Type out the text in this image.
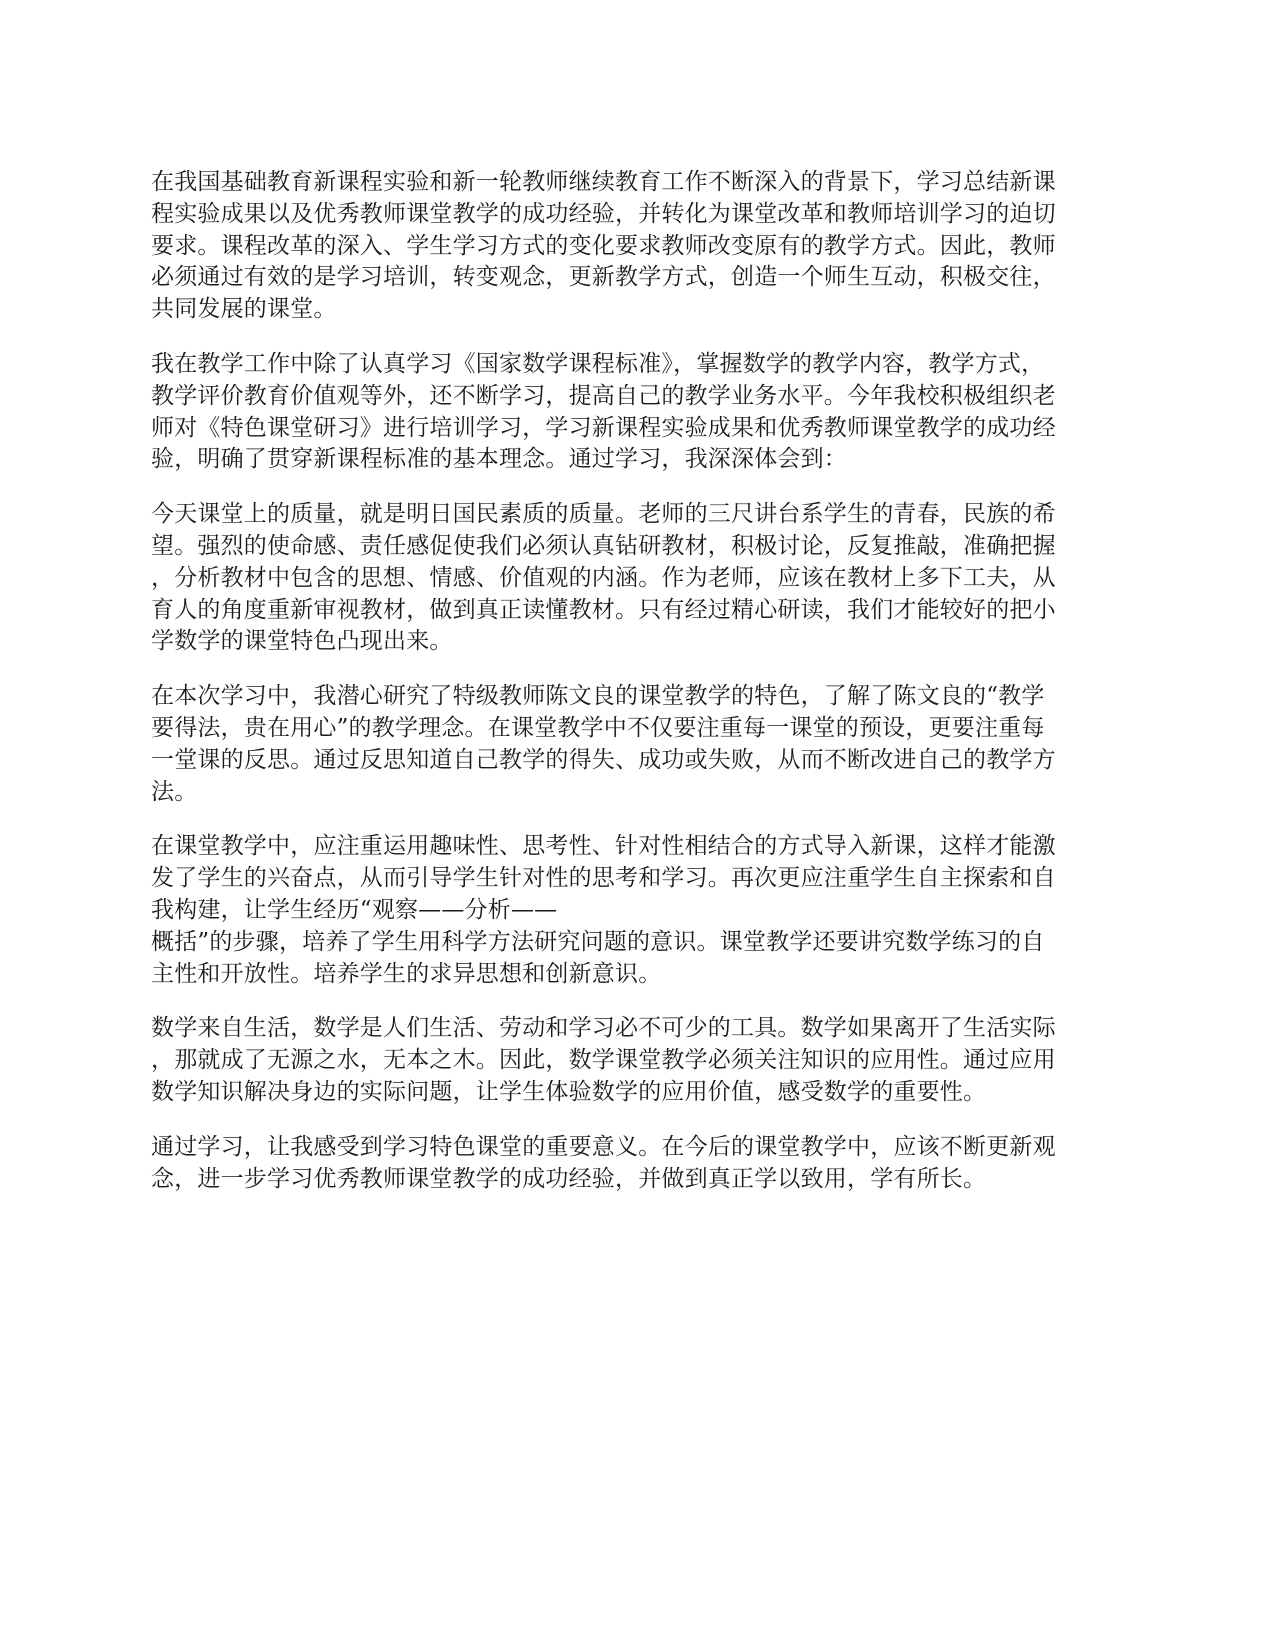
在我国基础教育新课程实验和新一轮教师继续教育工作不断深入的背景下，学习总结新课
程实验成果以及优秀教师课堂教学的成功经验，并转化为课堂改革和教师培训学习的迫切
要求。课程改革的深入、学生学习方式的变化要求教师改变原有的教学方式。因此，教师
必须通过有效的是学习培训，转变观念，更新教学方式，创造一个师生互动，积极交往，
共同发展的课堂。

我在教学工作中除了认真学习《国家数学课程标准》，掌握数学的教学内容，教学方式，
教学评价教育价值观等外，还不断学习，提高自己的教学业务水平。今年我校积极组织老
师对《特色课堂研习》进行培训学习，学习新课程实验成果和优秀教师课堂教学的成功经
验，明确了贯穿新课程标准的基本理念。通过学习，我深深体会到：

今天课堂上的质量，就是明日国民素质的质量。老师的三尺讲台系学生的青春，民族的希
望。强烈的使命感、责任感促使我们必须认真钻研教材，积极讨论，反复推敲，准确把握
，分析教材中包含的思想、情感、价值观的内涵。作为老师，应该在教材上多下工夫，从
育人的角度重新审视教材，做到真正读懂教材。只有经过精心研读，我们才能较好的把小
学数学的课堂特色凸现出来。

在本次学习中，我潜心研究了特级教师陈文良的课堂教学的特色，了解了陈文良的“教学
要得法，贵在用心”的教学理念。在课堂教学中不仅要注重每一课堂的预设，更要注重每
一堂课的反思。通过反思知道自己教学的得失、成功或失败，从而不断改进自己的教学方
法。

在课堂教学中，应注重运用趣味性、思考性、针对性相结合的方式导入新课，这样才能激
发了学生的兴奋点，从而引导学生针对性的思考和学习。再次更应注重学生自主探索和自
我构建，让学生经历“观察——分析——
概括”的步骤，培养了学生用科学方法研究问题的意识。课堂教学还要讲究数学练习的自
主性和开放性。培养学生的求异思想和创新意识。

数学来自生活，数学是人们生活、劳动和学习必不可少的工具。数学如果离开了生活实际
，那就成了无源之水，无本之木。因此，数学课堂教学必须关注知识的应用性。通过应用
数学知识解决身边的实际问题，让学生体验数学的应用价值，感受数学的重要性。

通过学习，让我感受到学习特色课堂的重要意义。在今后的课堂教学中，应该不断更新观
念，进一步学习优秀教师课堂教学的成功经验，并做到真正学以致用，学有所长。
